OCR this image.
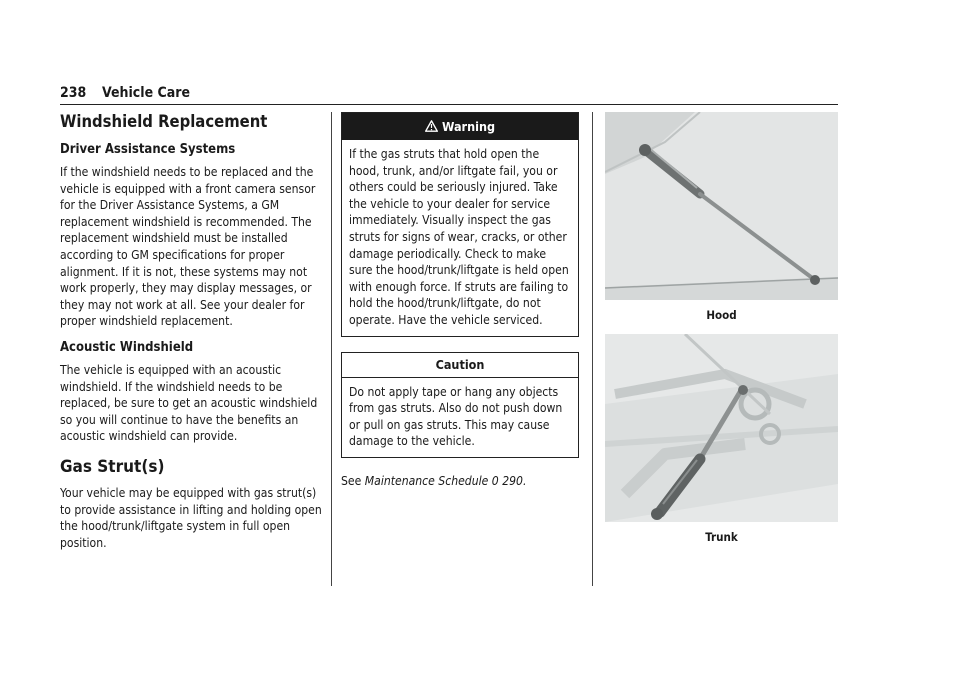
238 Vehicle Care
Windshield Replacement
Driver Assistance Systems

If the windshield needs to be replaced and the vehicle is equipped with a front camera sensor for the Driver Assistance Systems, a GM replacement windshield is recommended. The replacement windshield must be installed according to GM specifications for proper alignment. If it is not, these systems may not work properly, they may display messages, or they may not work at all. See your dealer for proper windshield replacement.

Acoustic Windshield

The vehicle is equipped with an acoustic windshield. If the windshield needs to be replaced, be sure to get an acoustic windshield so you will continue to have the benefits an acoustic windshield can provide.

Gas Strut(s)

Your vehicle may be equipped with gas strut(s) to provide assistance in lifting and holding open the hood/trunk/liftgate system in full open position.

Warning

If the gas struts that hold open the hood, trunk, and/or liftgate fail, you or others could be seriously injured. Take the vehicle to your dealer for service immediately. Visually inspect the gas struts for signs of wear, cracks, or other damage periodically. Check to make sure the hood/trunk/liftgate is held open with enough force. If struts are failing to hold the hood/trunk/liftgate, do not operate. Have the vehicle serviced.

Caution

Do not apply tape or hang any objects from gas struts. Also do not push down or pull on gas struts. This may cause damage to the vehicle.

See Maintenance Schedule 0 290.

Hood
Trunk
